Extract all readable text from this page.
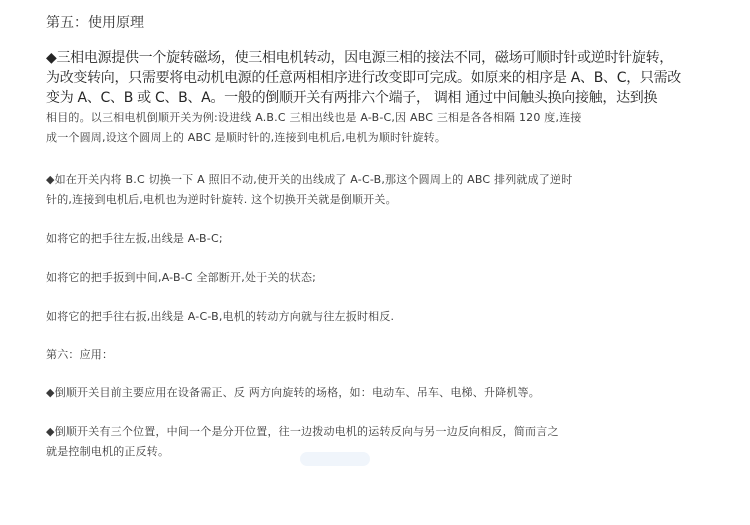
第五：使用原理
◆三相电源提供一个旋转磁场，使三相电机转动，因电源三相的接法不同，磁场可顺时针或逆时针旋转，
为改变转向，只需要将电动机电源的任意两相相序进行改变即可完成。如原来的相序是 A、B、C，只需改
变为 A、C、B 或 C、B、A。一般的倒顺开关有两排六个端子， 调相 通过中间触头换向接触，达到换
相目的。以三相电机倒顺开关为例:设进线 A.B.C 三相出线也是 A-B-C,因 ABC 三相是各各相隔 120 度,连接
成一个圆周,设这个圆周上的 ABC 是顺时针的,连接到电机后,电机为顺时针旋转。
◆如在开关内将 B.C 切换一下 A 照旧不动,使开关的出线成了 A-C-B,那这个圆周上的 ABC 排列就成了逆时
针的,连接到电机后,电机也为逆时针旋转. 这个切换开关就是倒顺开关。
如将它的把手往左扳,出线是 A-B-C;
如将它的把手扳到中间,A-B-C 全部断开,处于关的状态;
如将它的把手往右扳,出线是 A-C-B,电机的转动方向就与往左扳时相反.
第六：应用：
◆倒顺开关目前主要应用在设备需正、反 两方向旋转的场格，如：电动车、吊车、电梯、升降机等。
◆倒顺开关有三个位置，中间一个是分开位置，往一边拨动电机的运转反向与另一边反向相反，简而言之
就是控制电机的正反转。
